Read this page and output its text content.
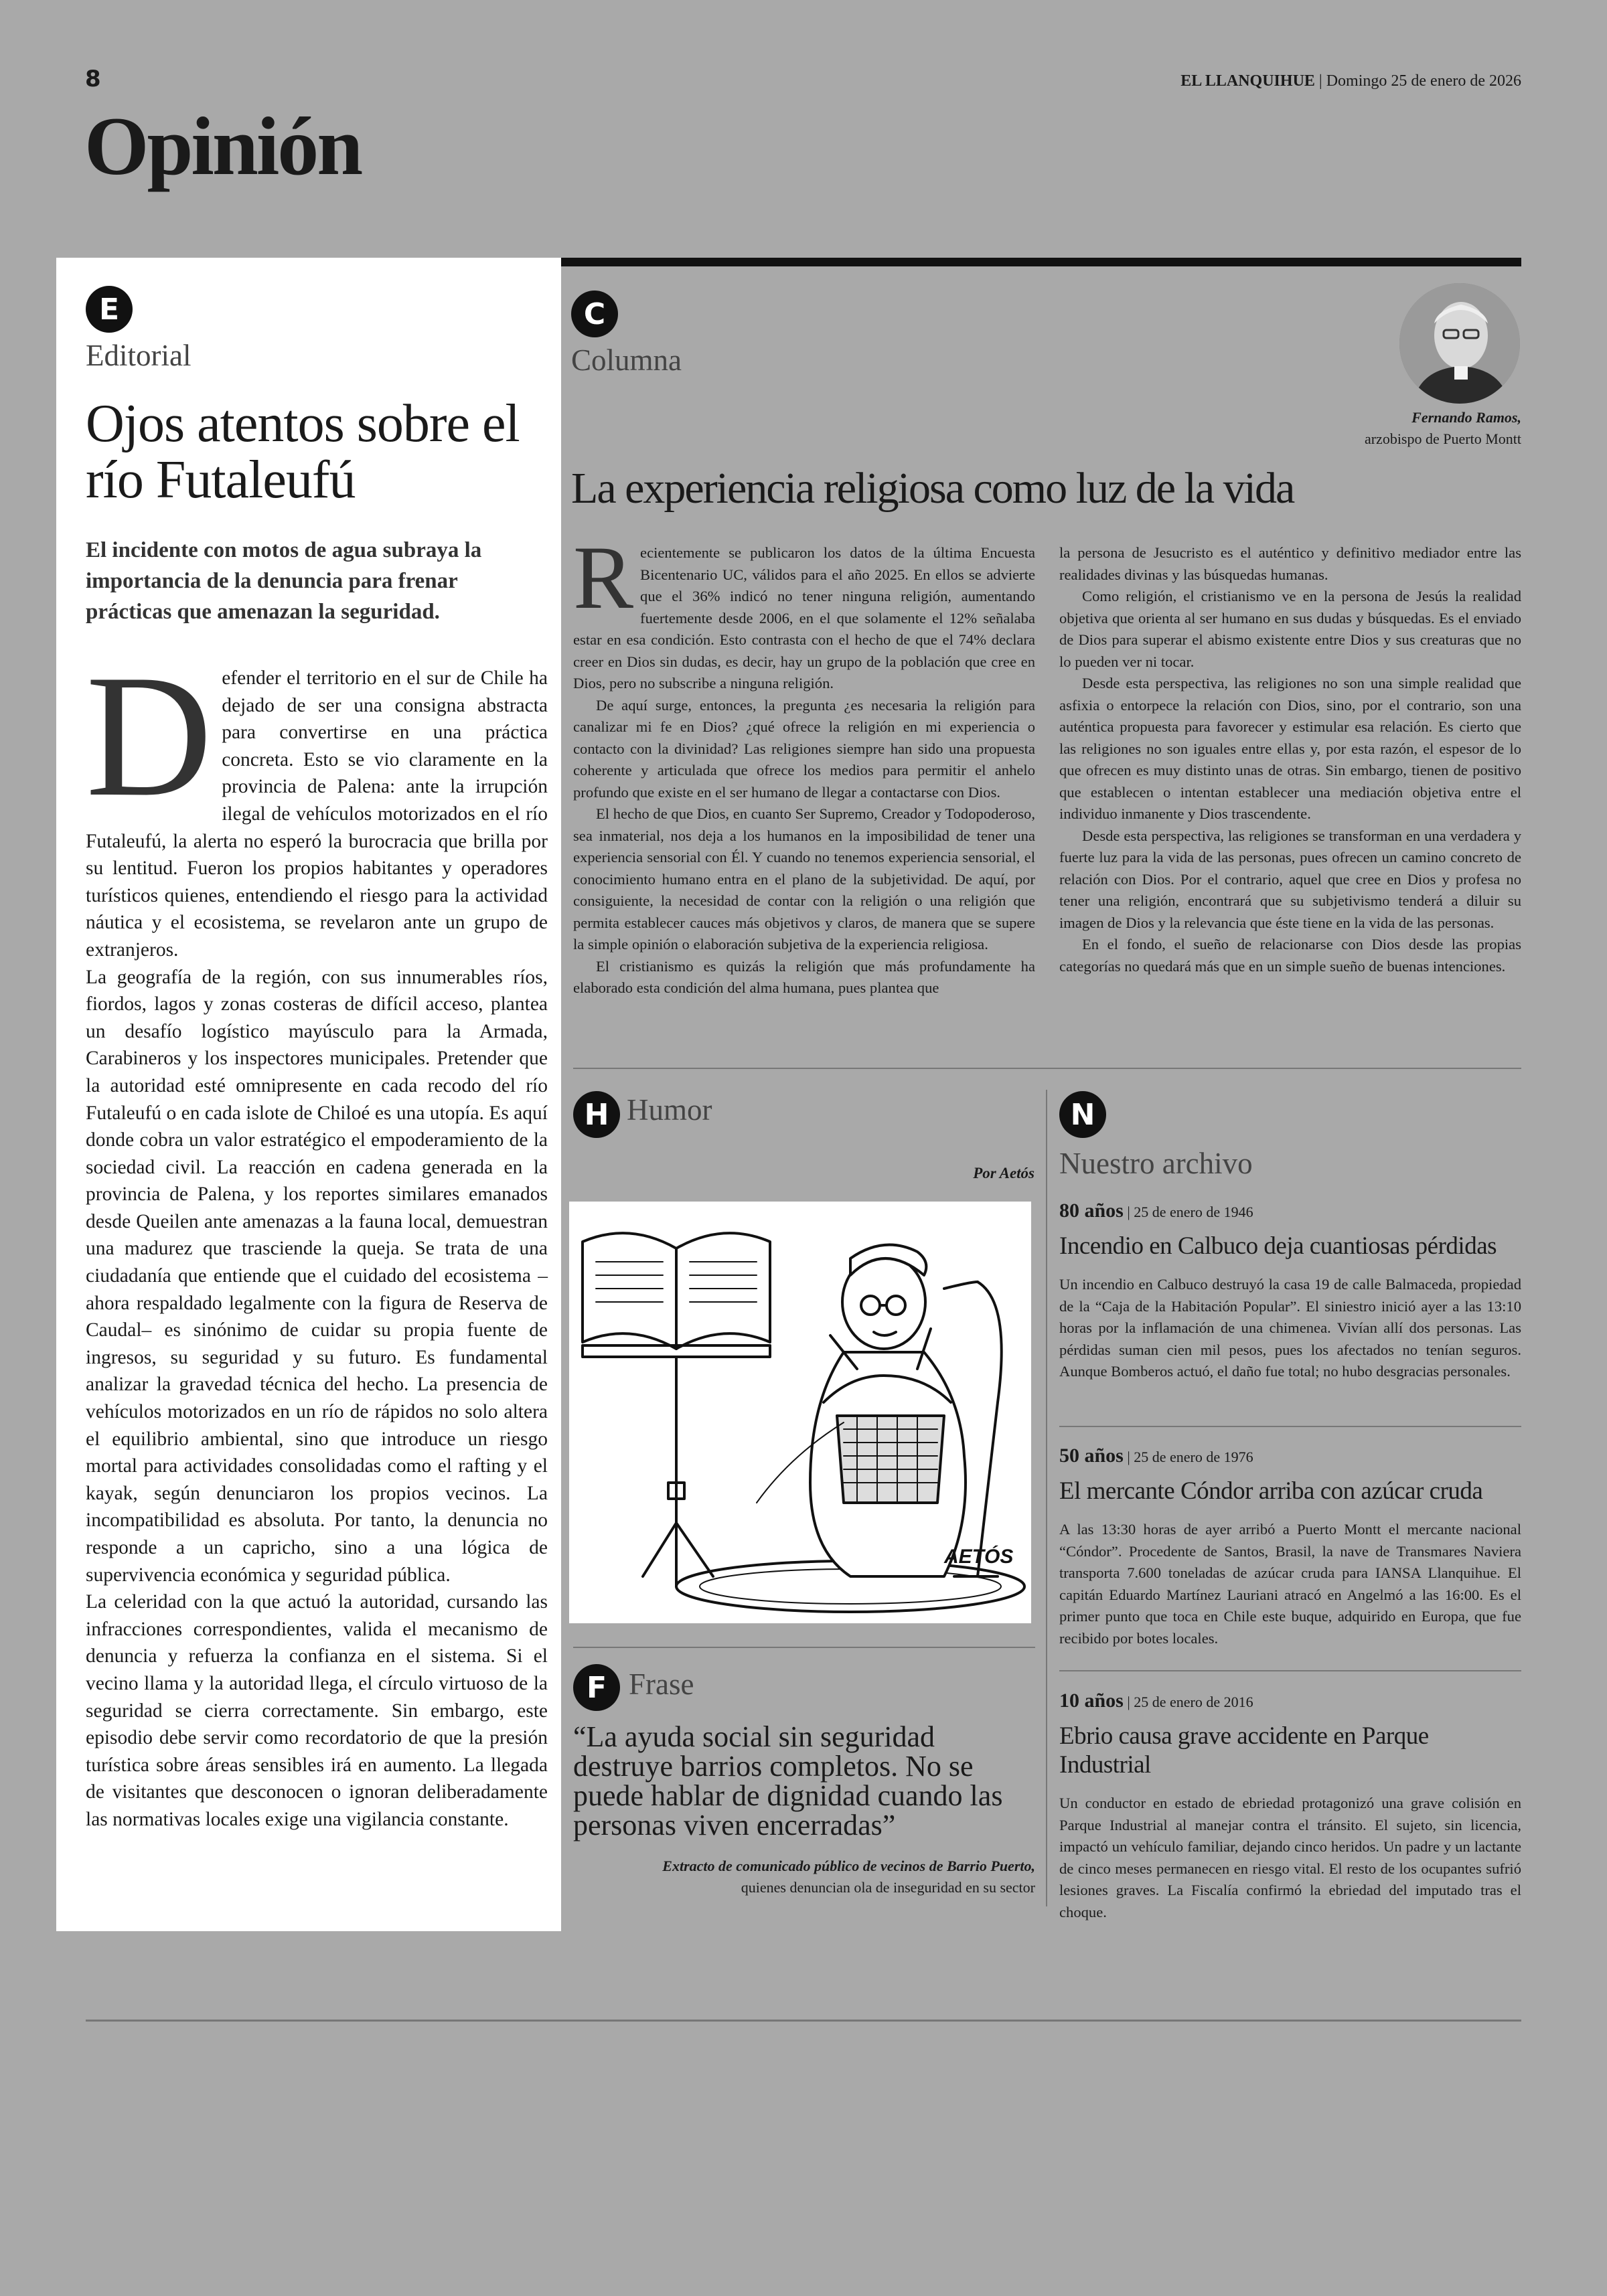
8	EL LLANQUIHUE | Domingo 25 de enero de 2026
Opinión
E
Editorial
Ojos atentos sobre el río Futaleufú

El incidente con motos de agua subraya la importancia de la denuncia para frenar prácticas que amenazan la seguridad.

D efender el territorio en el sur de Chile ha dejado de ser una consigna abstracta para convertirse en una práctica concreta. Esto se vio claramente en la provincia de Palena: ante la irrupción ilegal de vehículos motorizados en el río Futaleufú, la alerta no esperó la burocracia que brilla por su lentitud. Fueron los propios habitantes y operadores turísticos quienes, entendiendo el riesgo para la actividad náutica y el ecosistema, se revelaron ante un grupo de extranjeros.

La geografía de la región, con sus innumerables ríos, fiordos, lagos y zonas costeras de difícil acceso, plantea un desafío logístico mayúsculo para la Armada, Carabineros y los inspectores municipales. Pretender que la autoridad esté omnipresente en cada recodo del río Futaleufú o en cada islote de Chiloé es una utopía. Es aquí donde cobra un valor estratégico el empoderamiento de la sociedad civil. La reacción en cadena generada en la provincia de Palena, y los reportes similares emanados desde Queilen ante amenazas a la fauna local, demuestran una madurez que trasciende la queja. Se trata de una ciudadanía que entiende que el cuidado del ecosistema –ahora respaldado legalmente con la figura de Reserva de Caudal– es sinónimo de cuidar su propia fuente de ingresos, su seguridad y su futuro. Es fundamental analizar la gravedad técnica del hecho. La presencia de vehículos motorizados en un río de rápidos no solo altera el equilibrio ambiental, sino que introduce un riesgo mortal para actividades consolidadas como el rafting y el kayak, según denunciaron los propios vecinos. La incompatibilidad es absoluta. Por tanto, la denuncia no responde a un capricho, sino a una lógica de supervivencia económica y seguridad pública.

La celeridad con la que actuó la autoridad, cursando las infracciones correspondientes, valida el mecanismo de denuncia y refuerza la confianza en el sistema. Si el vecino llama y la autoridad llega, el círculo virtuoso de la seguridad se cierra correctamente. Sin embargo, este episodio debe servir como recordatorio de que la presión turística sobre áreas sensibles irá en aumento. La llegada de visitantes que desconocen o ignoran deliberadamente las normativas locales exige una vigilancia constante.

C
Columna
Fernando Ramos,
arzobispo de Puerto Montt
La experiencia religiosa como luz de la vida
R ecientemente se publicaron los datos de la última Encuesta Bicentenario UC, válidos para el año 2025. En ellos se advierte que el 36% indicó no tener ninguna religión, aumentando fuertemente desde 2006, en el que solamente el 12% señalaba estar en esa condición. Esto contrasta con el hecho de que el 74% declara creer en Dios sin dudas, es decir, hay un grupo de la población que cree en Dios, pero no subscribe a ninguna religión.

De aquí surge, entonces, la pregunta ¿es necesaria la religión para canalizar mi fe en Dios? ¿qué ofrece la religión en mi experiencia o contacto con la divinidad? Las religiones siempre han sido una propuesta coherente y articulada que ofrece los medios para permitir el anhelo profundo que existe en el ser humano de llegar a contactarse con Dios.

El hecho de que Dios, en cuanto Ser Supremo, Creador y Todopoderoso, sea inmaterial, nos deja a los humanos en la imposibilidad de tener una experiencia sensorial con Él. Y cuando no tenemos experiencia sensorial, el conocimiento humano entra en el plano de la subjetividad. De aquí, por consiguiente, la necesidad de contar con la religión o una religión que permita establecer cauces más objetivos y claros, de manera que se supere la simple opinión o elaboración subjetiva de la experiencia religiosa.

El cristianismo es quizás la religión que más profundamente ha elaborado esta condición del alma humana, pues plantea que

la persona de Jesucristo es el auténtico y definitivo mediador entre las realidades divinas y las búsquedas humanas.

Como religión, el cristianismo ve en la persona de Jesús la realidad objetiva que orienta al ser humano en sus dudas y búsquedas. Es el enviado de Dios para superar el abismo existente entre Dios y sus creaturas que no lo pueden ver ni tocar.

Desde esta perspectiva, las religiones no son una simple realidad que asfixia o entorpece la relación con Dios, sino, por el contrario, son una auténtica propuesta para favorecer y estimular esa relación. Es cierto que las religiones no son iguales entre ellas y, por esta razón, el espesor de lo que ofrecen es muy distinto unas de otras. Sin embargo, tienen de positivo que establecen o intentan establecer una mediación objetiva entre el individuo inmanente y Dios trascendente.

Desde esta perspectiva, las religiones se transforman en una verdadera y fuerte luz para la vida de las personas, pues ofrecen un camino concreto de relación con Dios. Por el contrario, aquel que cree en Dios y profesa no tener una religión, encontrará que su subjetivismo tenderá a diluir su imagen de Dios y la relevancia que éste tiene en la vida de las personas.

En el fondo, el sueño de relacionarse con Dios desde las propias categorías no quedará más que en un simple sueño de buenas intenciones.

H Humor
Por Aetós
AETÓS
F Frase
“La ayuda social sin seguridad destruye barrios completos. No se puede hablar de dignidad cuando las personas viven encerradas”
Extracto de comunicado público de vecinos de Barrio Puerto,
quienes denuncian ola de inseguridad en su sector
N
Nuestro archivo
80 años | 25 de enero de 1946
Incendio en Calbuco deja cuantiosas pérdidas
Un incendio en Calbuco destruyó la casa 19 de calle Balmaceda, propiedad de la “Caja de la Habitación Popular”. El siniestro inició ayer a las 13:10 horas por la inflamación de una chimenea. Vivían allí dos personas. Las pérdidas suman cien mil pesos, pues los afectados no tenían seguros. Aunque Bomberos actuó, el daño fue total; no hubo desgracias personales.
50 años | 25 de enero de 1976
El mercante Cóndor arriba con azúcar cruda
A las 13:30 horas de ayer arribó a Puerto Montt el mercante nacional “Cóndor”. Procedente de Santos, Brasil, la nave de Transmares Naviera transporta 7.600 toneladas de azúcar cruda para IANSA Llanquihue. El capitán Eduardo Martínez Lauriani atracó en Angelmó a las 16:00. Es el primer punto que toca en Chile este buque, adquirido en Europa, que fue recibido por botes locales.
10 años | 25 de enero de 2016
Ebrio causa grave accidente en Parque Industrial
Un conductor en estado de ebriedad protagonizó una grave colisión en Parque Industrial al manejar contra el tránsito. El sujeto, sin licencia, impactó un vehículo familiar, dejando cinco heridos. Un padre y un lactante de cinco meses permanecen en riesgo vital. El resto de los ocupantes sufrió lesiones graves. La Fiscalía confirmó la ebriedad del imputado tras el choque.
